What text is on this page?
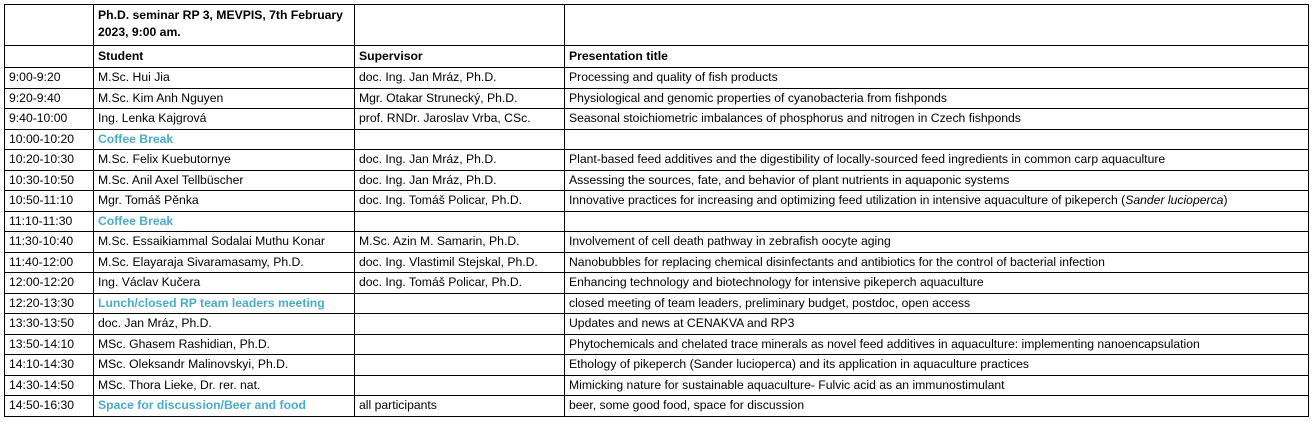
	Ph.D. seminar RP 3, MEVPIS, 7th February 2023, 9:00 am.		
	Student	Supervisor	Presentation title
9:00-9:20	M.Sc. Hui Jia	doc. Ing. Jan Mráz, Ph.D.	Processing and quality of fish products
9:20-9:40	M.Sc. Kim Anh Nguyen	Mgr. Otakar Strunecký, Ph.D.	Physiological and genomic properties of cyanobacteria from fishponds
9:40-10:00	Ing. Lenka Kajgrová	prof. RNDr. Jaroslav Vrba, CSc.	Seasonal stoichiometric imbalances of phosphorus and nitrogen in Czech fishponds
10:00-10:20	Coffee Break		
10:20-10:30	M.Sc. Felix Kuebutornye	doc. Ing. Jan Mráz, Ph.D.	Plant-based feed additives and the digestibility of locally-sourced feed ingredients in common carp aquaculture
10:30-10:50	M.Sc. Anil Axel Tellbüscher	doc. Ing. Jan Mráz, Ph.D.	Assessing the sources, fate, and behavior of plant nutrients in aquaponic systems
10:50-11:10	Mgr. Tomáš Pěnka	doc. Ing. Tomáš Policar, Ph.D.	Innovative practices for increasing and optimizing feed utilization in intensive aquaculture of pikeperch (Sander lucioperca)
11:10-11:30	Coffee Break		
11:30-10:40	M.Sc. Essaikiammal Sodalai Muthu Konar	M.Sc. Azin M. Samarin, Ph.D.	Involvement of cell death pathway in zebrafish oocyte aging
11:40-12:00	M.Sc. Elayaraja Sivaramasamy, Ph.D.	doc. Ing. Vlastimil Stejskal, Ph.D.	Nanobubbles for replacing chemical disinfectants and antibiotics for the control of bacterial infection
12:00-12:20	Ing. Václav Kučera	doc. Ing. Tomáš Policar, Ph.D.	Enhancing technology and biotechnology for intensive pikeperch aquaculture
12:20-13:30	Lunch/closed RP team leaders meeting		closed meeting of team leaders, preliminary budget, postdoc, open access
13:30-13:50	doc. Jan Mráz, Ph.D.		Updates and news at CENAKVA and RP3
13:50-14:10	MSc. Ghasem Rashidian, Ph.D.		Phytochemicals and chelated trace minerals as novel feed additives in aquaculture: implementing nanoencapsulation
14:10-14:30	MSc. Oleksandr Malinovskyi, Ph.D.		Ethology of pikeperch (Sander lucioperca) and its application in aquaculture practices
14:30-14:50	MSc. Thora Lieke, Dr. rer. nat.		Mimicking nature for sustainable aquaculture- Fulvic acid as an immunostimulant
14:50-16:30	Space for discussion/Beer and food	all participants	beer, some good food, space for discussion
